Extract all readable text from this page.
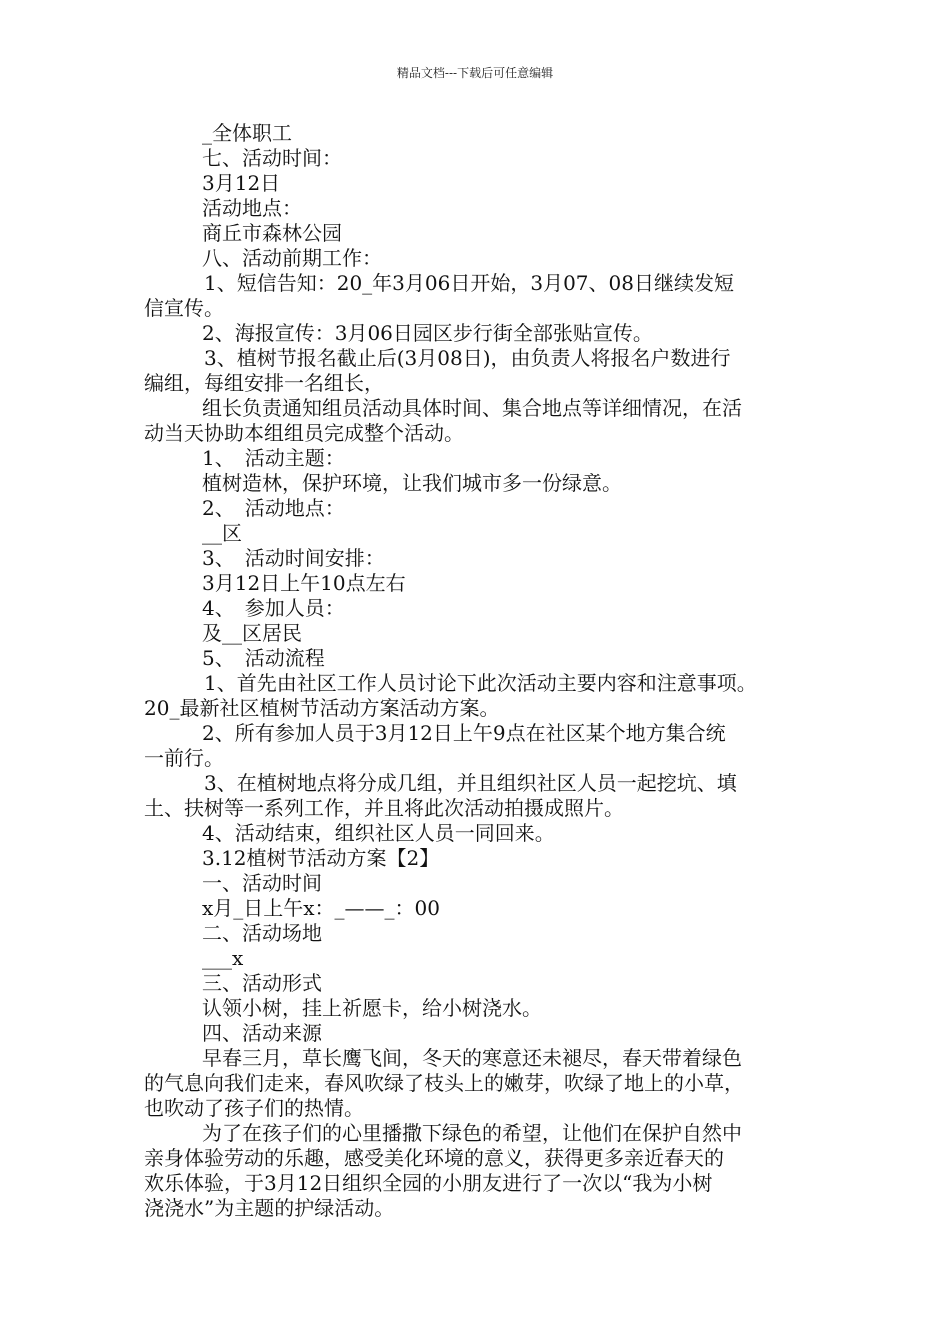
精品文档---下载后可任意编辑
_全体职工
七、活动时间：
3月12日
活动地点：
商丘市森林公园
八、活动前期工作：
1、短信告知：20_年3月06日开始，3月07、08日继续发短
信宣传。
2、海报宣传：3月06日园区步行街全部张贴宣传。
3、植树节报名截止后(3月08日)，由负责人将报名户数进行
编组，每组安排一名组长，
组长负责通知组员活动具体时间、集合地点等详细情况，在活
动当天协助本组组员完成整个活动。
1、　活动主题：
植树造林，保护环境，让我们城市多一份绿意。
2、　活动地点：
__区
3、　活动时间安排：
3月12日上午10点左右
4、　参加人员：
及__区居民
5、　活动流程
1、首先由社区工作人员讨论下此次活动主要内容和注意事项。
20_最新社区植树节活动方案活动方案。
2、所有参加人员于3月12日上午9点在社区某个地方集合统
一前行。
3、在植树地点将分成几组，并且组织社区人员一起挖坑、填
土、扶树等一系列工作，并且将此次活动拍摄成照片。
4、活动结束，组织社区人员一同回来。
3.12植树节活动方案【2】
一、活动时间
x月_日上午x：_——_：00
二、活动场地
___x
三、活动形式
认领小树，挂上祈愿卡，给小树浇水。
四、活动来源
早春三月，草长鹰飞间，冬天的寒意还未褪尽，春天带着绿色
的气息向我们走来，春风吹绿了枝头上的嫩芽，吹绿了地上的小草，
也吹动了孩子们的热情。
为了在孩子们的心里播撒下绿色的希望，让他们在保护自然中
亲身体验劳动的乐趣，感受美化环境的意义，获得更多亲近春天的
欢乐体验，于3月12日组织全园的小朋友进行了一次以“我为小树
浇浇水”为主题的护绿活动。
